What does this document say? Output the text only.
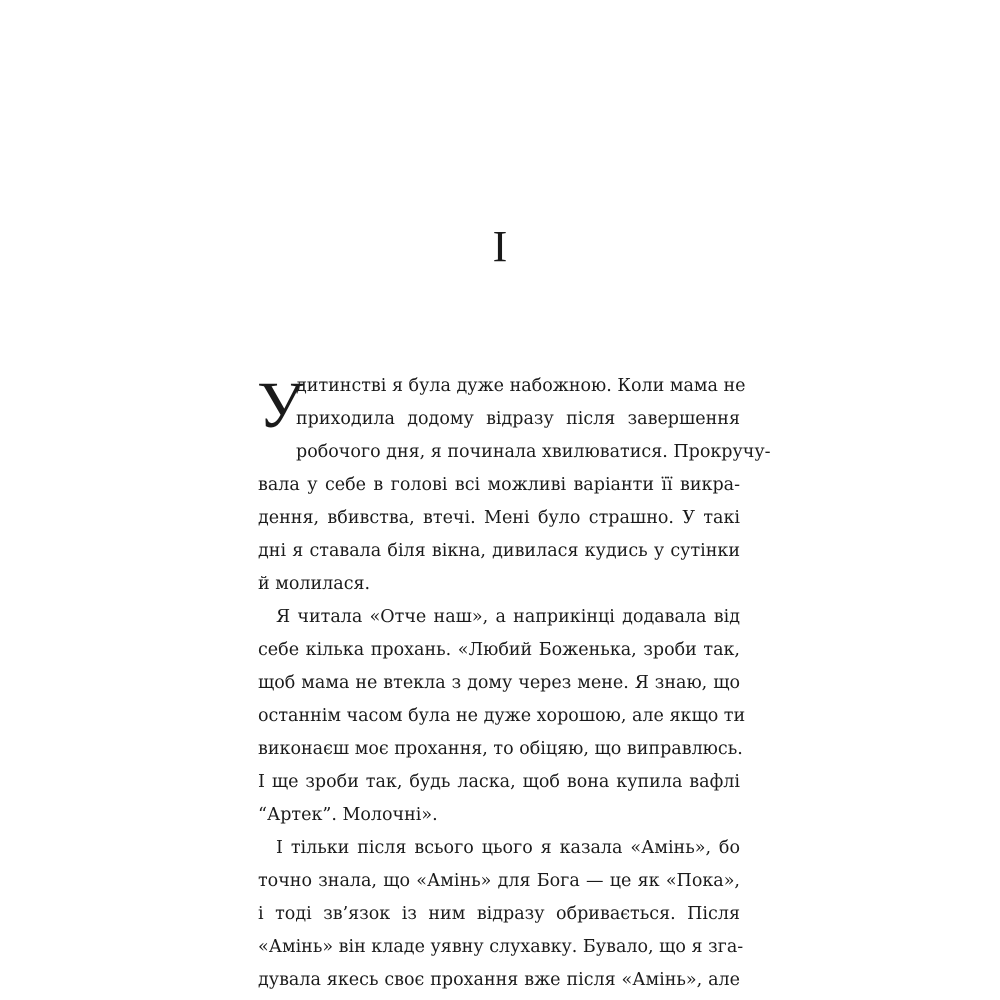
I
У
дитинстві я була дуже набожною. Коли мама не
приходила додому відразу після завершення
робочого дня, я починала хвилюватися. Прокручу-
вала у себе в голові всі можливі варіанти її викра-
дення, вбивства, втечі. Мені було страшно. У такі
дні я ставала біля вікна, дивилася кудись у сутінки
й молилася.
Я читала «Отче наш», а наприкінці додавала від
себе кілька прохань. «Любий Боженька, зроби так,
щоб мама не втекла з дому через мене. Я знаю, що
останнім часом була не дуже хорошою, але якщо ти
виконаєш моє прохання, то обіцяю, що виправлюсь.
І ще зроби так, будь ласка, щоб вона купила вафлі
“Артек”. Молочні».
І тільки після всього цього я казала «Амінь», бо
точно знала, що «Амінь» для Бога — це як «Пока»,
і тоді зв’язок із ним відразу обривається. Після
«Амінь» він кладе уявну слухавку. Бувало, що я зга-
дувала якесь своє прохання вже після «Амінь», але
